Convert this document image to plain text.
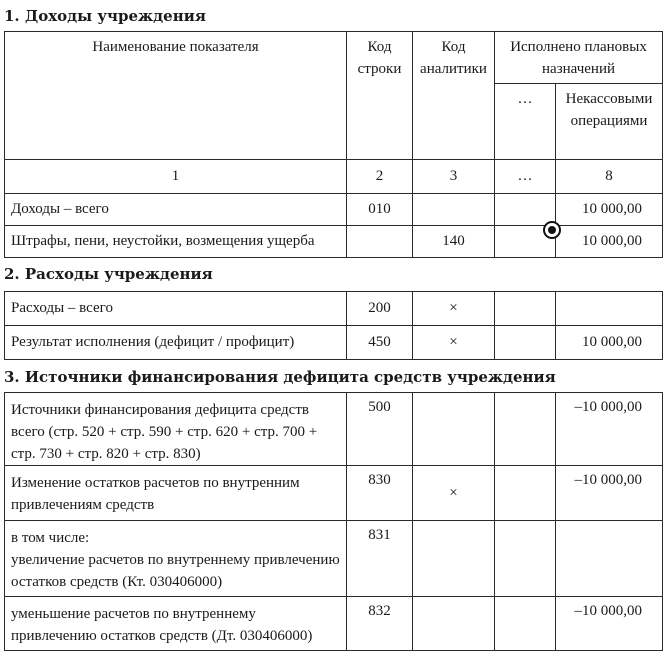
1. Доходы учреждения
Наименование показателя	Код строки	Код аналитики	Исполнено плановых назначений	
			…	Некассовыми операциями
1	2	3	…	8
Доходы – всего	010			10 000,00
Штрафы, пени, неустойки, возмещения ущерба		140		10 000,00
2. Расходы учреждения
Расходы – всего	200	×		
Результат исполнения (дефицит / профицит)	450	×		10 000,00
3. Источники финансирования дефицита средств учреждения
Источники финансирования дефицита средств всего (стр. 520 + стр. 590 + стр. 620 + стр. 700 + стр. 730 + стр. 820 + стр. 830)	500			–10 000,00
Изменение остатков расчетов по внутренним привлечениям средств	830	×		–10 000,00
в том числе:
увеличение расчетов по внутреннему привлечению остатков средств (Кт. 030406000)	831			
уменьшение расчетов по внутреннему привлечению остатков средств (Дт. 030406000)	832			–10 000,00
